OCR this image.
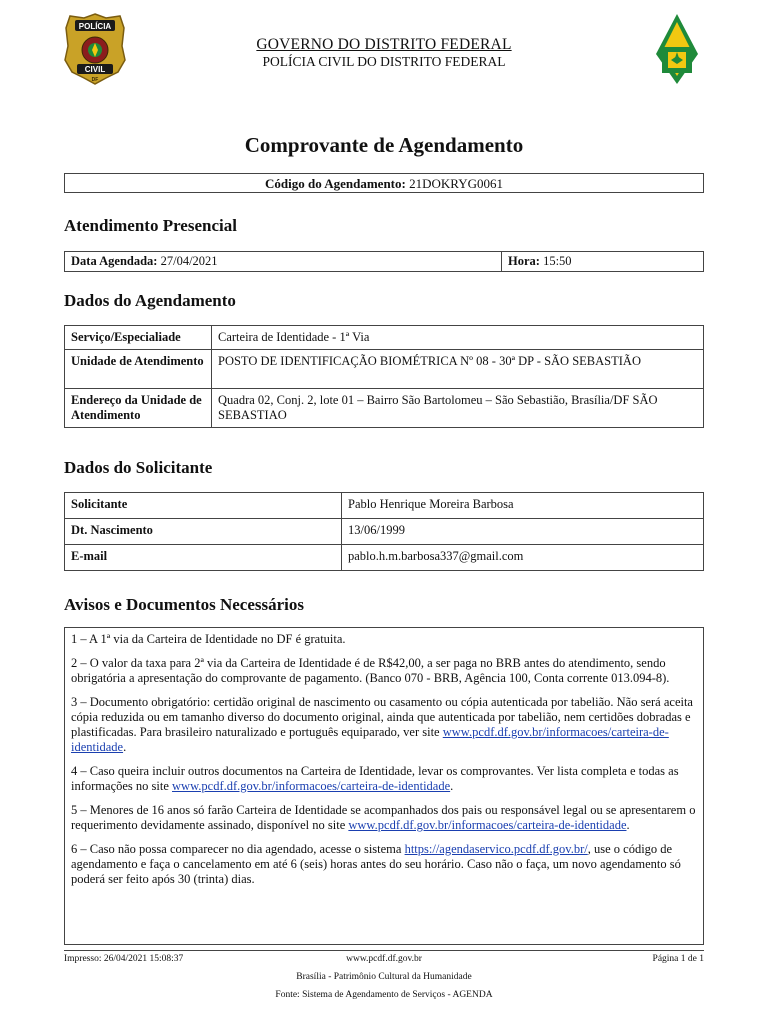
POLÍCIA
CIVIL
DF
GOVERNO DO DISTRITO FEDERAL
POLÍCIA CIVIL DO DISTRITO FEDERAL
Comprovante de Agendamento
Código do Agendamento: 21DOKRYG0061
Atendimento Presencial
Data Agendada: 27/04/2021	Hora: 15:50
Dados do Agendamento
Serviço/Especialiade	Carteira de Identidade - 1ª Via
Unidade de Atendimento	POSTO DE IDENTIFICAÇÃO BIOMÉTRICA Nº 08 - 30ª DP - SÃO SEBASTIÃO
Endereço da Unidade de Atendimento	Quadra 02, Conj. 2, lote 01 – Bairro São Bartolomeu – São Sebastião, Brasília/DF SÃO SEBASTIAO
Dados do Solicitante
Solicitante	Pablo Henrique Moreira Barbosa
Dt. Nascimento	13/06/1999
E-mail	pablo.h.m.barbosa337@gmail.com
Avisos e Documentos Necessários

1 – A 1ª via da Carteira de Identidade no DF é gratuita.

2 – O valor da taxa para 2ª via da Carteira de Identidade é de R$42,00, a ser paga no BRB antes do atendimento, sendo obrigatória a apresentação do comprovante de pagamento. (Banco 070 - BRB, Agência 100, Conta corrente 013.094-8).

3 – Documento obrigatório: certidão original de nascimento ou casamento ou cópia autenticada por tabelião. Não será aceita cópia reduzida ou em tamanho diverso do documento original, ainda que autenticada por tabelião, nem certidões dobradas e plastificadas. Para brasileiro naturalizado e português equiparado, ver site www.pcdf.df.gov.br/informacoes/carteira-de-identidade.

4 – Caso queira incluir outros documentos na Carteira de Identidade, levar os comprovantes. Ver lista completa e todas as informações no site www.pcdf.df.gov.br/informacoes/carteira-de-identidade.

5 – Menores de 16 anos só farão Carteira de Identidade se acompanhados dos pais ou responsável legal ou se apresentarem o requerimento devidamente assinado, disponível no site www.pcdf.df.gov.br/informacoes/carteira-de-identidade.

6 – Caso não possa comparecer no dia agendado, acesse o sistema https://agendaservico.pcdf.df.gov.br/, use o código de agendamento e faça o cancelamento em até 6 (seis) horas antes do seu horário. Caso não o faça, um novo agendamento só poderá ser feito após 30 (trinta) dias.

Impresso: 26/04/2021 15:08:37	www.pcdf.df.gov.br	Página 1 de 1
Brasília - Patrimônio Cultural da Humanidade
Fonte: Sistema de Agendamento de Serviços - AGENDA
